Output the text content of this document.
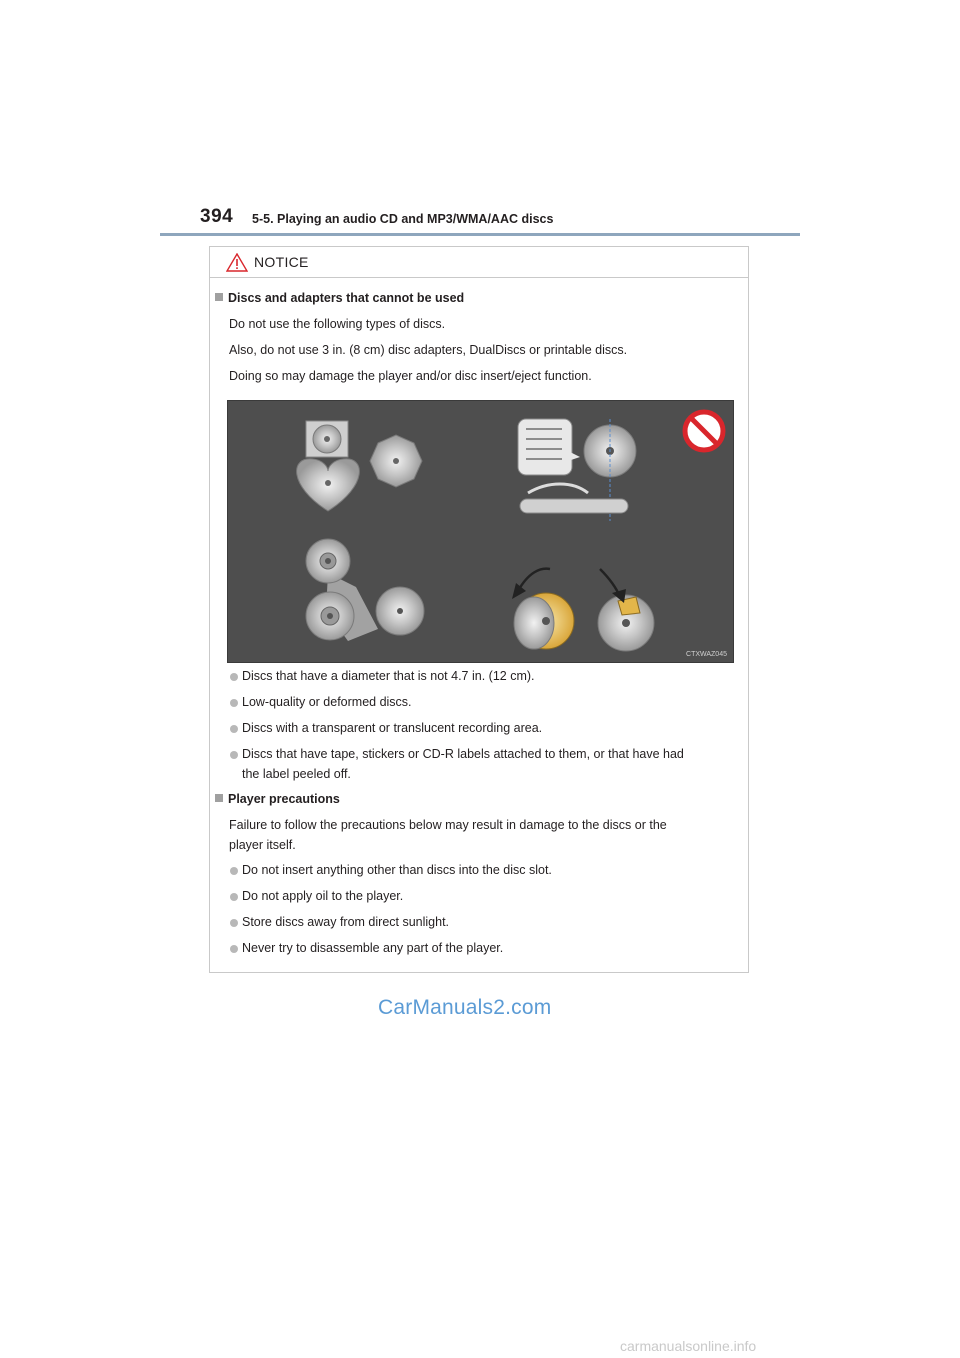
394 5-5. Playing an audio CD and MP3/WMA/AAC discs
NOTICE
Discs and adapters that cannot be used
Do not use the following types of discs.
Also, do not use 3 in. (8 cm) disc adapters, DualDiscs or printable discs.
Doing so may damage the player and/or disc insert/eject function.
CTXWAZ045
Discs that have a diameter that is not 4.7 in. (12 cm).
Low-quality or deformed discs.
Discs with a transparent or translucent recording area.
Discs that have tape, stickers or CD-R labels attached to them, or that have had
the label peeled off.
Player precautions
Failure to follow the precautions below may result in damage to the discs or the
player itself.
Do not insert anything other than discs into the disc slot.
Do not apply oil to the player.
Store discs away from direct sunlight.
Never try to disassemble any part of the player.
CarManuals2.com
carmanualsonline.info
